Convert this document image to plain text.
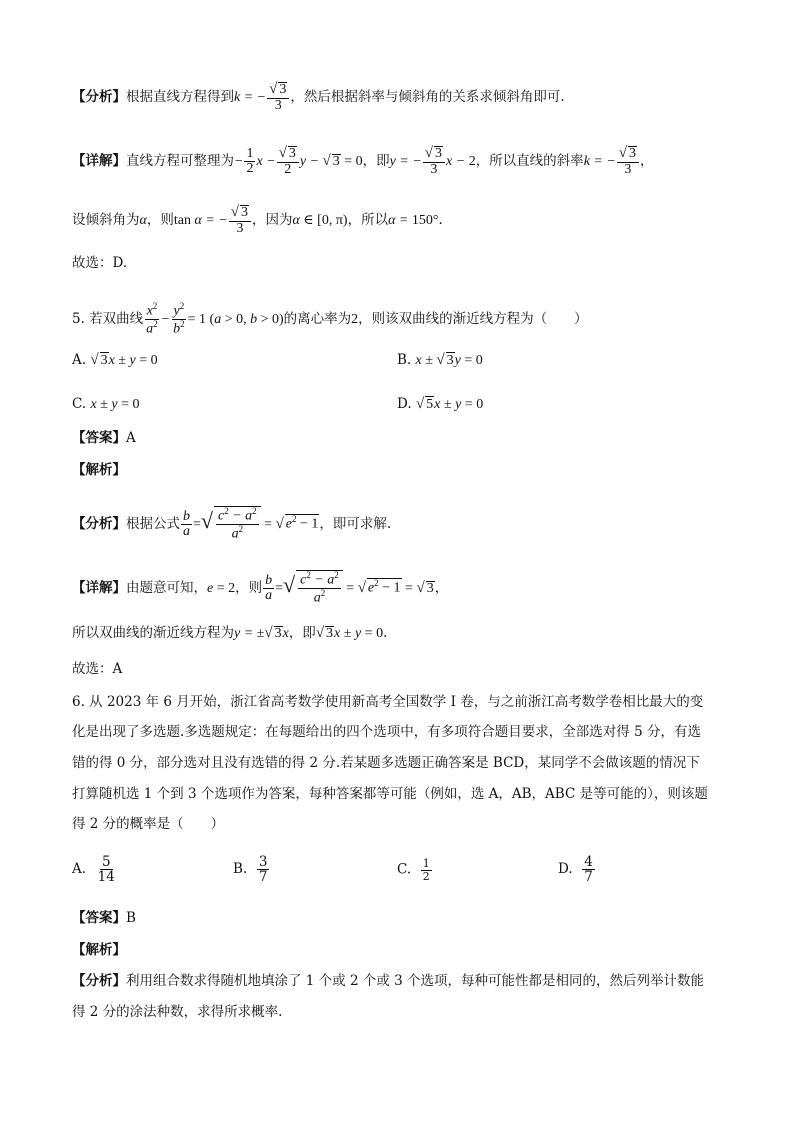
【分析】根据直线方程得到k = − $\frac{√ 3}{3}$ ，然后根据斜率与倾斜角的关系求倾斜角即可.
【详解】直线方程可整理为− $\frac{1}{2}$ $x - \frac{√ 3}{2}$ y − √ 3 = 0，即y = − $\frac{√ 3}{3}$ x − 2，所以直线的斜率k = − $\frac{√ 3}{3}$ ，
设倾斜角为α，则tan α = − $\frac{√ 3}{3}$ ，因为α ∈ [0, π)，所以α = 150°.
故选：D.
5. 若双曲线 $\frac{x^2}{a^2} - \frac{y^2}{b^2} = 1$ (a > 0, b > 0)的离心率为2，则该双曲线的渐近线方程为（　　）
A. √ 3x ± y = 0	B. x ± √ 3y = 0
C. x ± y = 0	D. √ 5x ± y = 0
【答案】A
【解析】
【分析】根据公式 $\frac{b}{a}$ =√ $\frac{c^2 - a^2}{a^2}$ = √ $e^2 - 1$，即可求解.
【详解】由题意可知，e = 2，则 $\frac{b}{a}$ =√ $\frac{c^2 - a^2}{a^2}$ = √ $e^2 - 1$ = √ 3，
所以双曲线的渐近线方程为y = ±√ 3x，即√ 3x ± y = 0.
故选：A
6. 从 2023 年 6 月开始，浙江省高考数学使用新高考全国数学 I 卷，与之前浙江高考数学卷相比最大的变
化是出现了多选题.多选题规定：在每题给出的四个选项中，有多项符合题目要求，全部选对得 5 分，有选
错的得 0 分，部分选对且没有选错的得 2 分.若某题多选题正确答案是 BCD，某同学不会做该题的情况下
打算随机选 1 个到 3 个选项作为答案，每种答案都等可能（例如，选 A，AB，ABC 是等可能的），则该题
得 2 分的概率是（　　）
A. $\frac{5}{14}$	B. $\frac{3}{7}$	C. $\frac{1}{2}$	D. $\frac{4}{7}$
【答案】B
【解析】
【分析】利用组合数求得随机地填涂了 1 个或 2 个或 3 个选项，每种可能性都是相同的，然后列举计数能
得 2 分的涂法种数，求得所求概率.
